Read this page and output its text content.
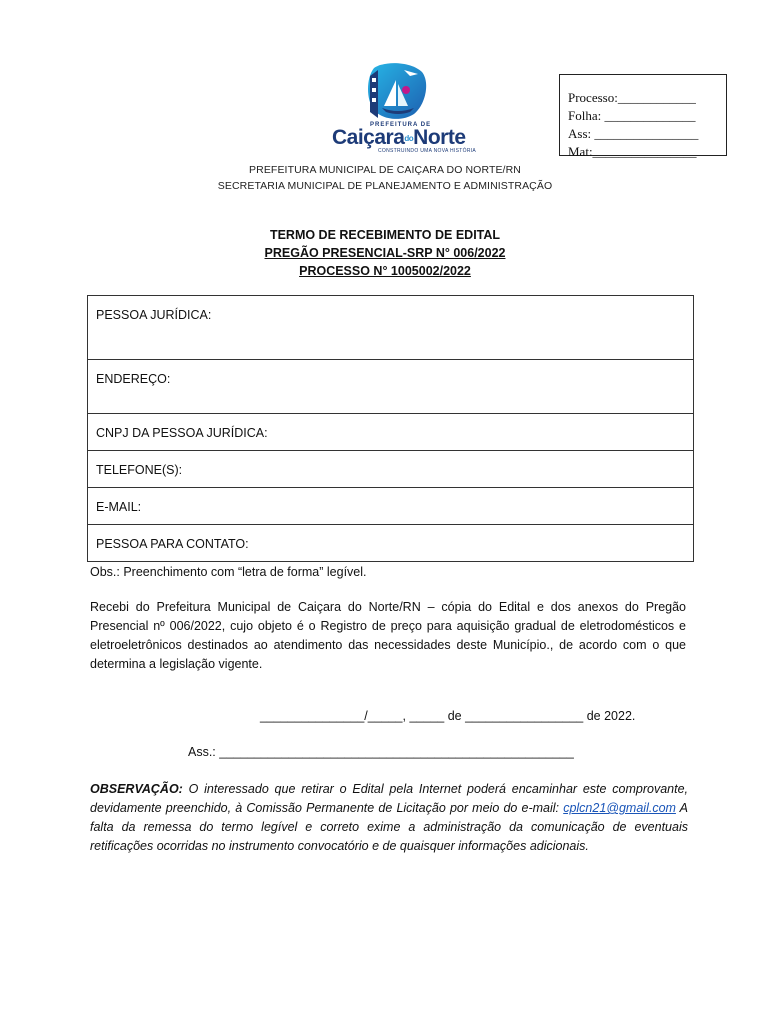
PREFEITURA DE
CaiçaradoNorte
CONSTRUINDO UMA NOVA HISTÓRIA
Processo:____________
Folha: ______________
Ass: ________________
Mat:________________
PREFEITURA MUNICIPAL DE CAIÇARA DO NORTE/RN
SECRETARIA MUNICIPAL DE PLANEJAMENTO E ADMINISTRAÇÃO
TERMO DE RECEBIMENTO DE EDITAL
PREGÃO PRESENCIAL-SRP N° 006/2022
PROCESSO N° 1005002/2022
PESSOA JURÍDICA:
ENDEREÇO:
CNPJ DA PESSOA JURÍDICA:
TELEFONE(S):
E-MAIL:
PESSOA PARA CONTATO:
Obs.: Preenchimento com “letra de forma” legível.
Recebi do Prefeitura Municipal de Caiçara do Norte/RN – cópia do Edital e dos anexos do Pregão Presencial nº 006/2022, cujo objeto é o Registro de preço para aquisição gradual de eletrodomésticos e eletroeletrônicos destinados ao atendimento das necessidades deste Município., de acordo com o que determina a legislação vigente.
_______________/_____, _____ de _________________ de 2022.
Ass.: ___________________________________________________
OBSERVAÇÃO: O interessado que retirar o Edital pela Internet poderá encaminhar este comprovante, devidamente preenchido, à Comissão Permanente de Licitação por meio do e-mail: cplcn21@gmail.com A falta da remessa do termo legível e correto exime a administração da comunicação de eventuais retificações ocorridas no instrumento convocatório e de quaisquer informações adicionais.
